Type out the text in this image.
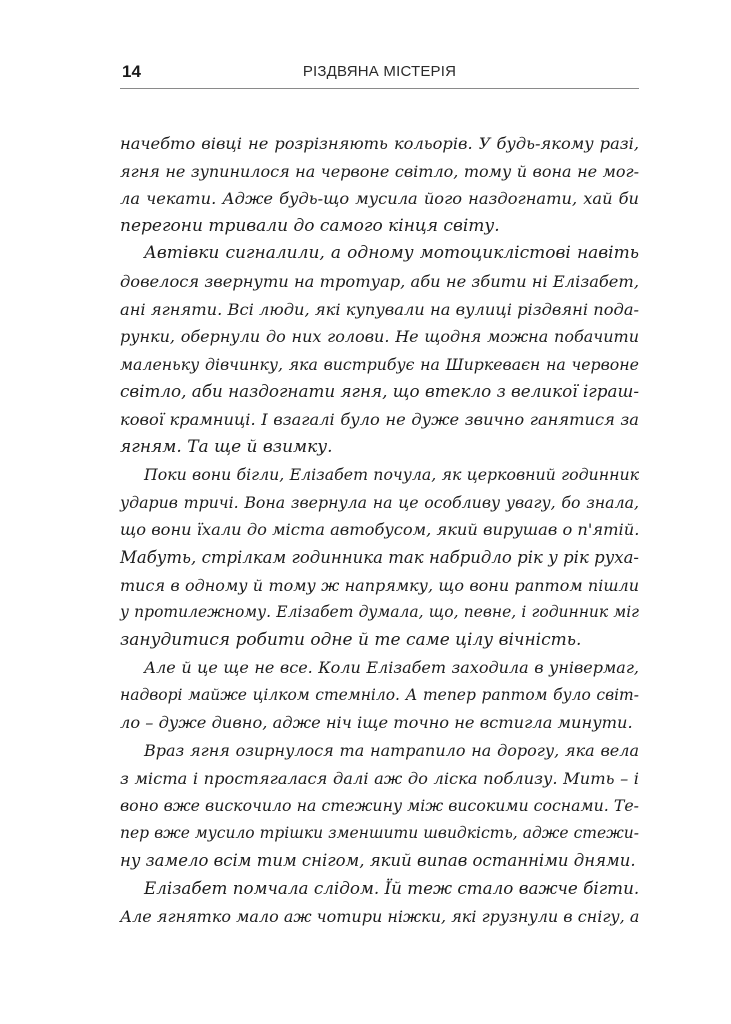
14	РІЗДВЯНА МІСТЕРІЯ

начебто вівці не розрізняють кольорів. У будь-якому разі,
ягня не зупинилося на червоне світло, тому й вона не мог-
ла чекати. Адже будь-що мусила його наздогнати, хай би
перегони тривали до самого кінця світу.

Автівки сигналили, а одному мотоциклістові навіть
довелося звернути на тротуар, аби не збити ні Елізабет,
ані ягняти. Всі люди, які купували на вулиці різдвяні пода-
рунки, обернули до них голови. Не щодня можна побачити
маленьку дівчинку, яка вистрибує на Ширкеваєн на червоне
світло, аби наздогнати ягня, що втекло з великої іграш-
кової крамниці. І взагалі було не дуже звично ганятися за
ягням. Та ще й взимку.

Поки вони бігли, Елізабет почула, як церковний годинник
ударив тричі. Вона звернула на це особливу увагу, бо знала,
що вони їхали до міста автобусом, який вирушав о п'ятій.
Мабуть, стрілкам годинника так набридло рік у рік руха-
тися в одному й тому ж напрямку, що вони раптом пішли
у протилежному. Елізабет думала, що, певне, і годинник міг
занудитися робити одне й те саме цілу вічність.

Але й це ще не все. Коли Елізабет заходила в універмаг,
надворі майже цілком стемніло. А тепер раптом було світ-
ло – дуже дивно, адже ніч іще точно не встигла минути.

Враз ягня озирнулося та натрапило на дорогу, яка вела
з міста і простягалася далі аж до ліска поблизу. Мить – і
воно вже вискочило на стежину між високими соснами. Те-
пер вже мусило трішки зменшити швидкість, адже стежи-
ну замело всім тим снігом, який випав останніми днями.

Елізабет помчала слідом. Їй теж стало важче бігти.
Але ягнятко мало аж чотири ніжки, які грузнули в снігу, а
